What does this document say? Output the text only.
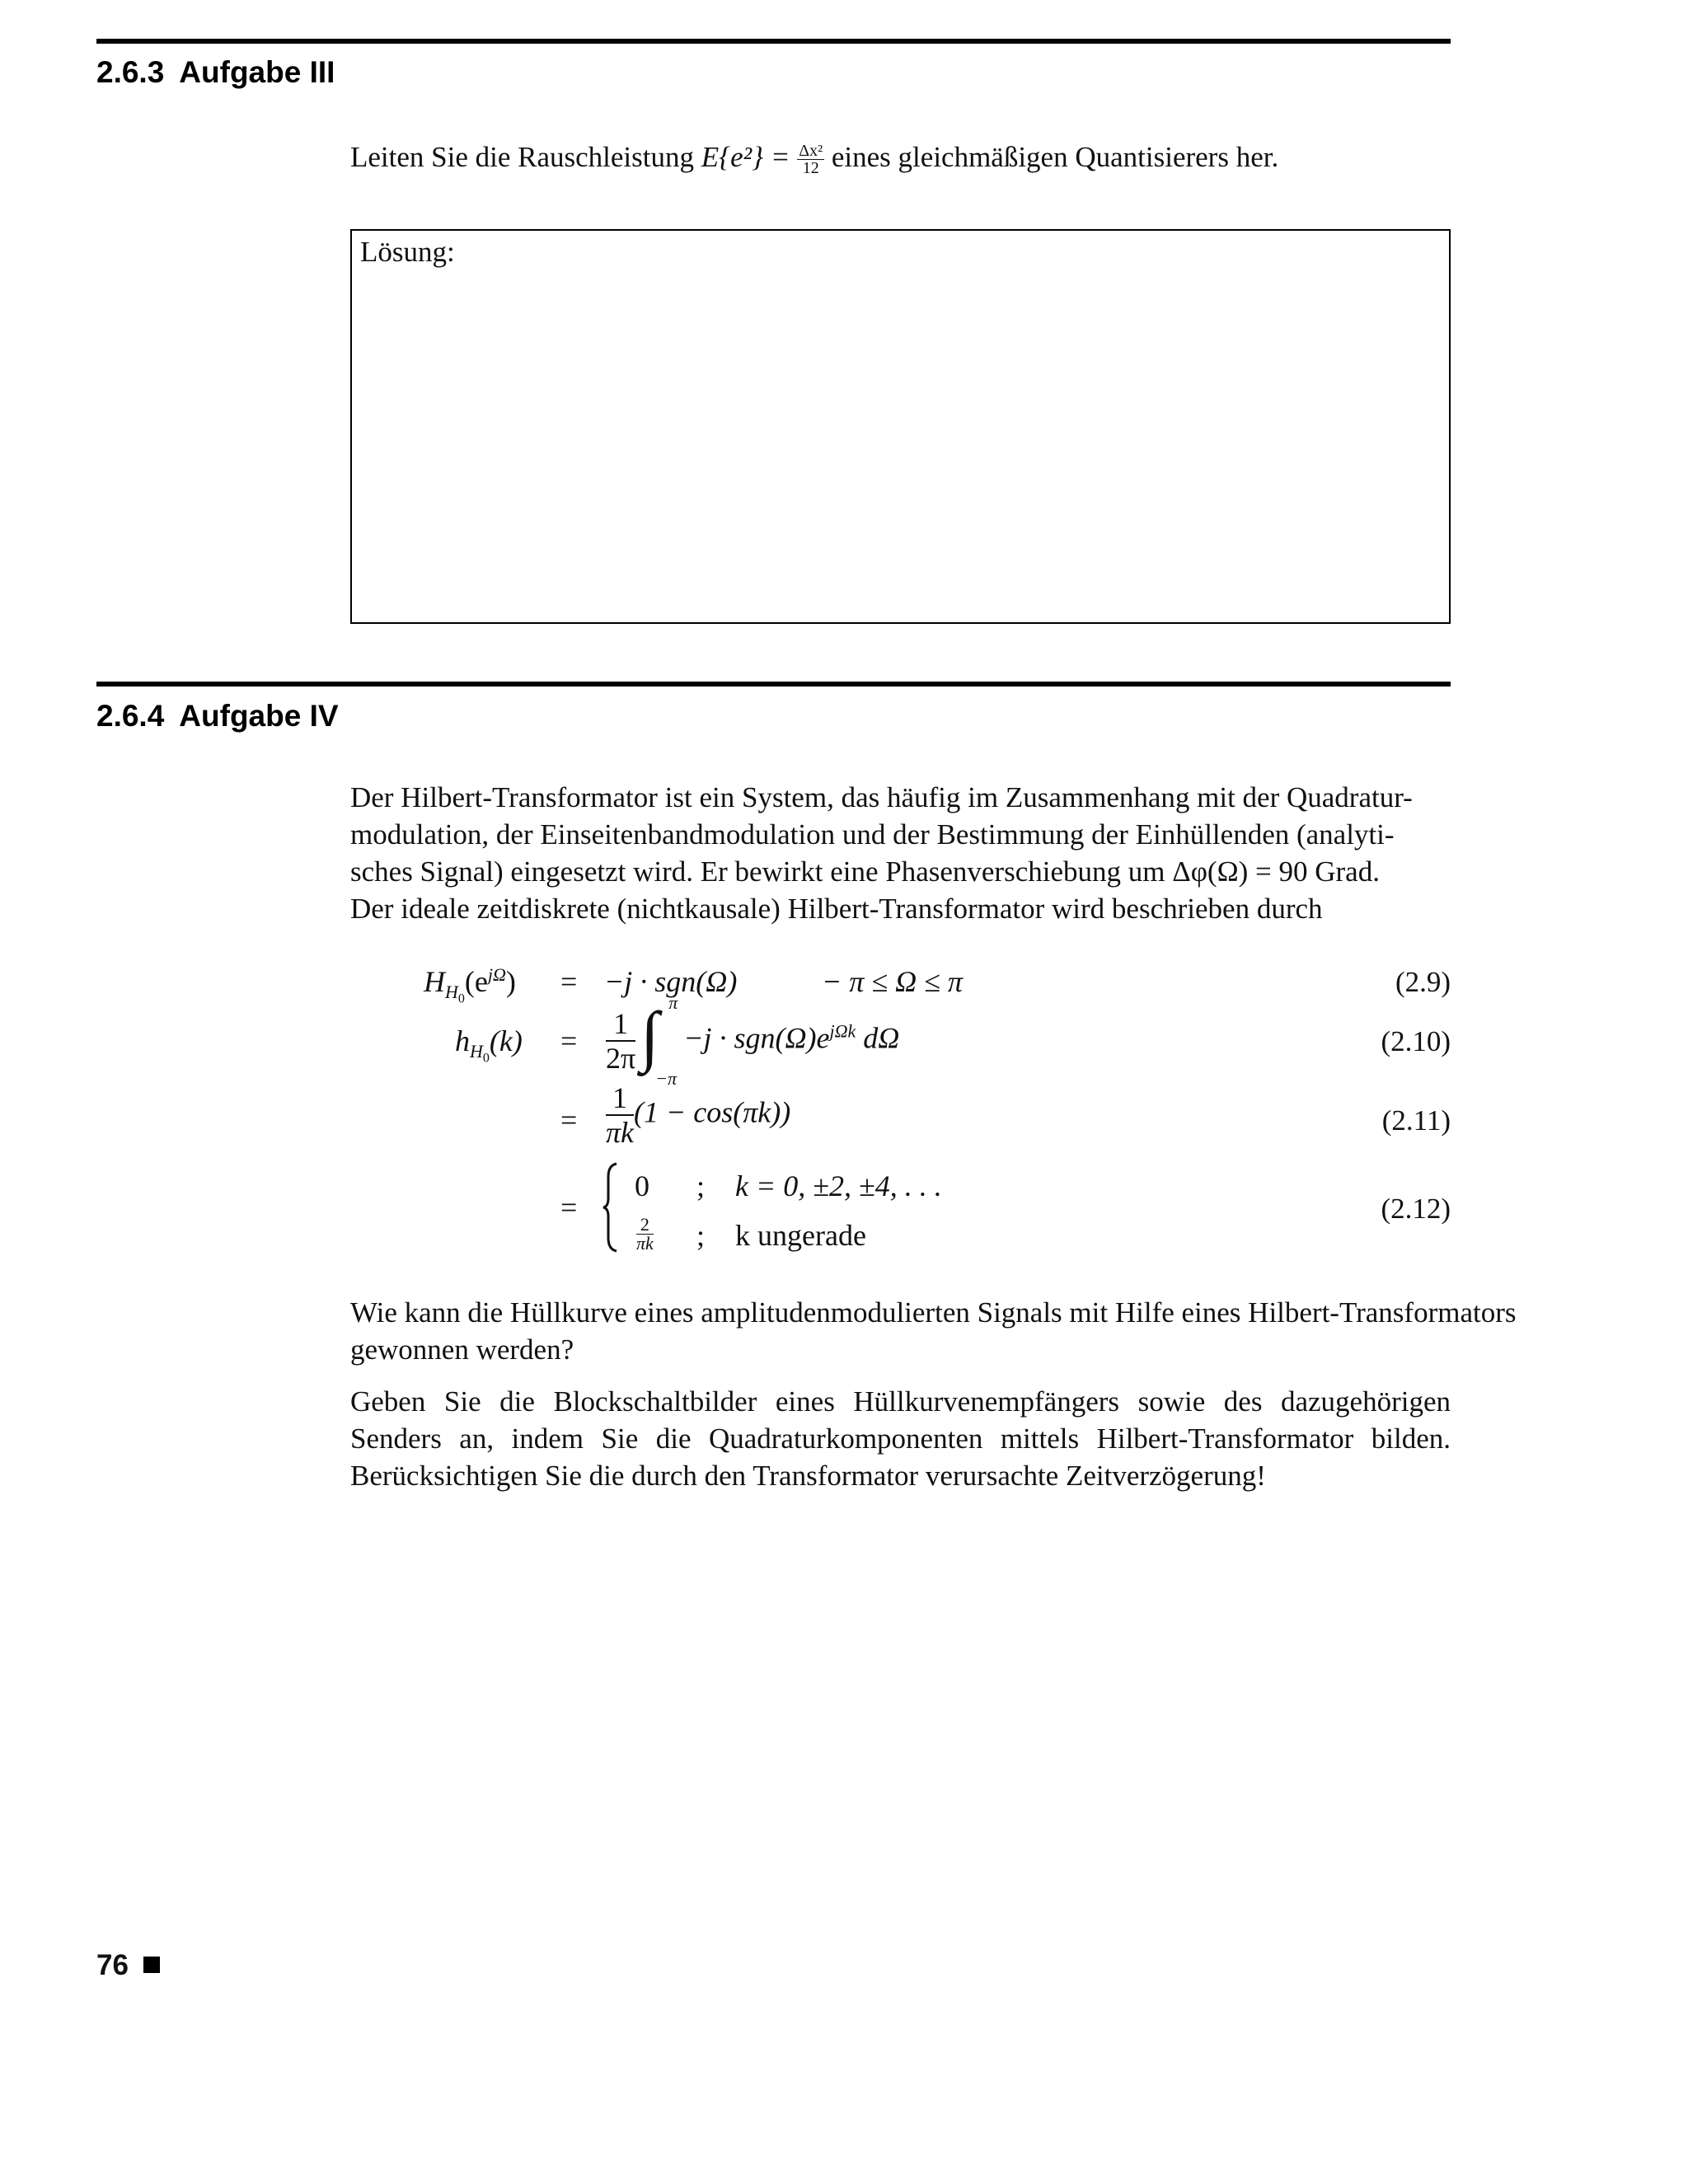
2.6.3 Aufgabe III
Leiten Sie die Rauschleistung $E\{e^2\} = \frac{\text{Δx²}}{12}$ eines gleichmäßigen Quantisierers her.
Lösung:
2.6.4 Aufgabe IV
Der Hilbert-Transformator ist ein System, das häufig im Zusammenhang mit der Quadratur-
modulation, der Einseitenbandmodulation und der Bestimmung der Einhüllenden (analyti-
sches Signal) eingesetzt wird. Er bewirkt eine Phasenverschiebung um Δφ(Ω) = 90 Grad.
Der ideale zeitdiskrete (nichtkausale) Hilbert-Transformator wird beschrieben durch
$H_{H_0}(e^{j\Omega}) = -j \cdot sgn(\Omega)$	− π ≤ Ω ≤ π	(2.9)
$h_{H_0}(k) = \frac{1}{2\pi}$ ∫ π
−π
$-j \cdot sgn(\Omega)e^{j\Omega k}$ dΩ	(2.10)
= $\frac{1}{\pi k} (1 - \cos(\pi k))$	(2.11)
=
0 ; k = 0, ±2, ±4, . . .
$\frac{2}{\pi k}$ ; k ungerade
(2.12)
Wie kann die Hüllkurve eines amplitudenmodulierten Signals mit Hilfe eines Hilbert-Transformators gewonnen werden?
Geben Sie die Blockschaltbilder eines Hüllkurvenempfängers sowie des dazugehörigen Senders an, indem Sie die Quadraturkomponenten mittels Hilbert-Transformator bilden. Berücksichtigen Sie die durch den Transformator verursachte Zeitverzögerung!
76
